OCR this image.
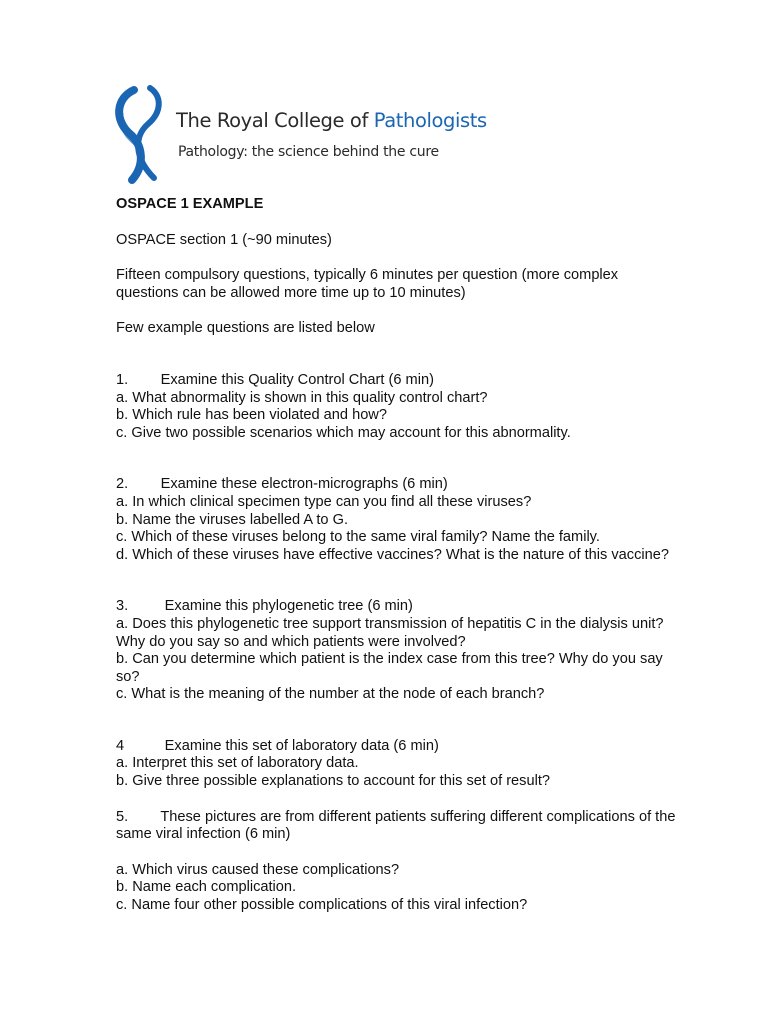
The Royal College of Pathologists
Pathology: the science behind the cure

OSPACE 1 EXAMPLE

OSPACE section 1 (~90 minutes)

Fifteen compulsory questions, typically 6 minutes per question (more complex questions can be allowed more time up to 10 minutes)

Few example questions are listed below

1. Examine this Quality Control Chart (6 min)

a. What abnormality is shown in this quality control chart?

b. Which rule has been violated and how?

c. Give two possible scenarios which may account for this abnormality.

2. Examine these electron-micrographs (6 min)

a. In which clinical specimen type can you find all these viruses?

b. Name the viruses labelled A to G.

c. Which of these viruses belong to the same viral family? Name the family.

d. Which of these viruses have effective vaccines? What is the nature of this vaccine?

3.	Examine this phylogenetic tree (6 min)

a. Does this phylogenetic tree support transmission of hepatitis C in the dialysis unit? Why do you say so and which patients were involved?

b. Can you determine which patient is the index case from this tree? Why do you say so?

c. What is the meaning of the number at the node of each branch?

4	Examine this set of laboratory data (6 min)

a. Interpret this set of laboratory data.

b. Give three possible explanations to account for this set of result?

5. These pictures are from different patients suffering different complications of the same viral infection (6 min)

a. Which virus caused these complications?

b. Name each complication.

c. Name four other possible complications of this viral infection?
